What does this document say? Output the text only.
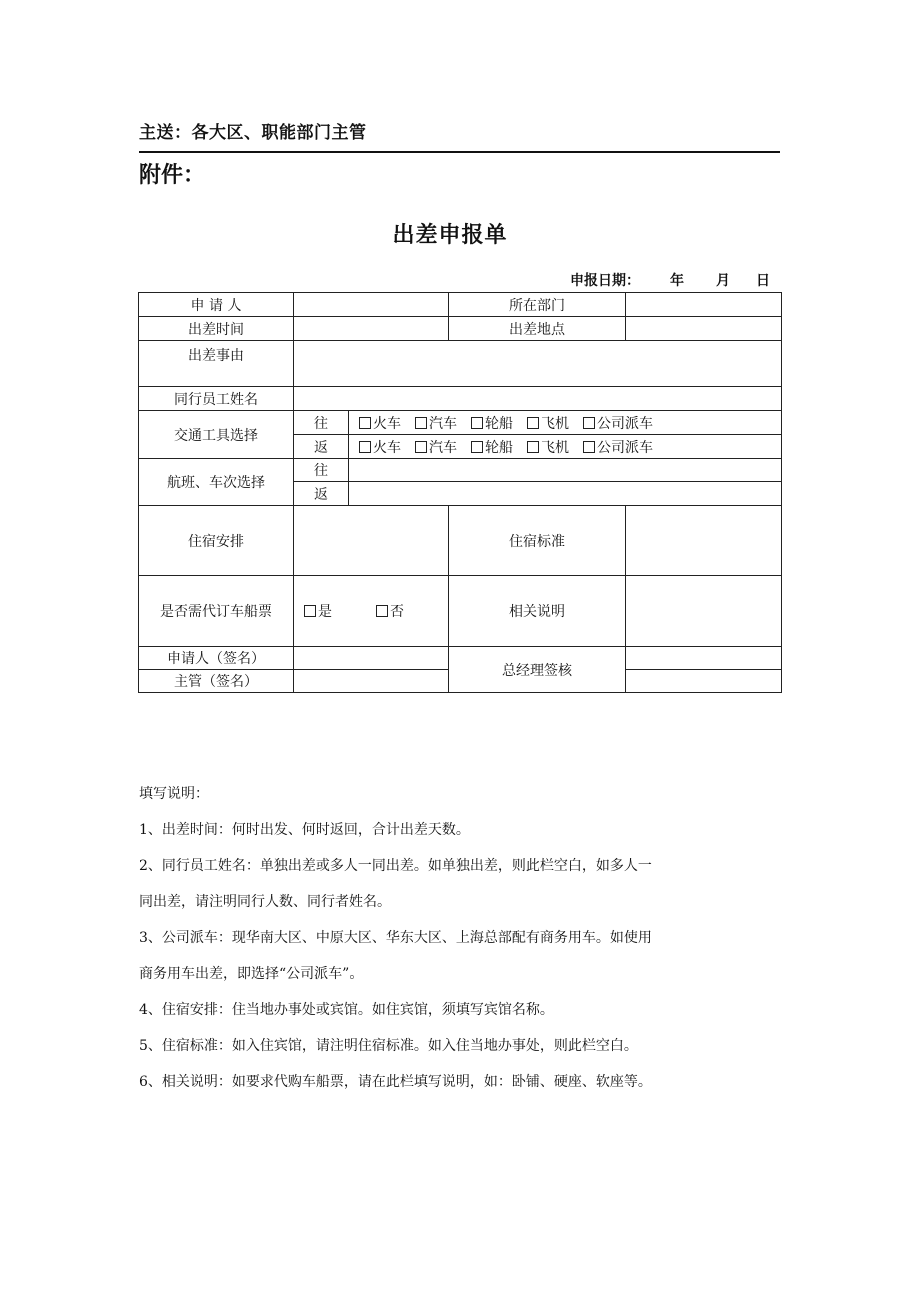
主送：各大区、职能部门主管
附件：
出差申报单
申报日期： 年 月 日
申 请 人			所在部门	
出差时间			出差地点	
出差事由				
同行员工姓名				
交通工具选择	往	火车 汽车 轮船 飞机 公司派车		
	返	火车 汽车 轮船 飞机 公司派车		
航班、车次选择	往			
	返			
住宿安排			住宿标准	
是否需代订车船票	是 否		相关说明	
申请人（签名）			总经理签核	
主管（签名）				
填写说明：
1、出差时间：何时出发、何时返回，合计出差天数。
2、同行员工姓名：单独出差或多人一同出差。如单独出差，则此栏空白，如多人一
同出差，请注明同行人数、同行者姓名。
3、公司派车：现华南大区、中原大区、华东大区、上海总部配有商务用车。如使用
商务用车出差，即选择“公司派车”。
4、住宿安排：住当地办事处或宾馆。如住宾馆，须填写宾馆名称。
5、住宿标准：如入住宾馆，请注明住宿标准。如入住当地办事处，则此栏空白。
6、相关说明：如要求代购车船票，请在此栏填写说明，如：卧铺、硬座、软座等。
